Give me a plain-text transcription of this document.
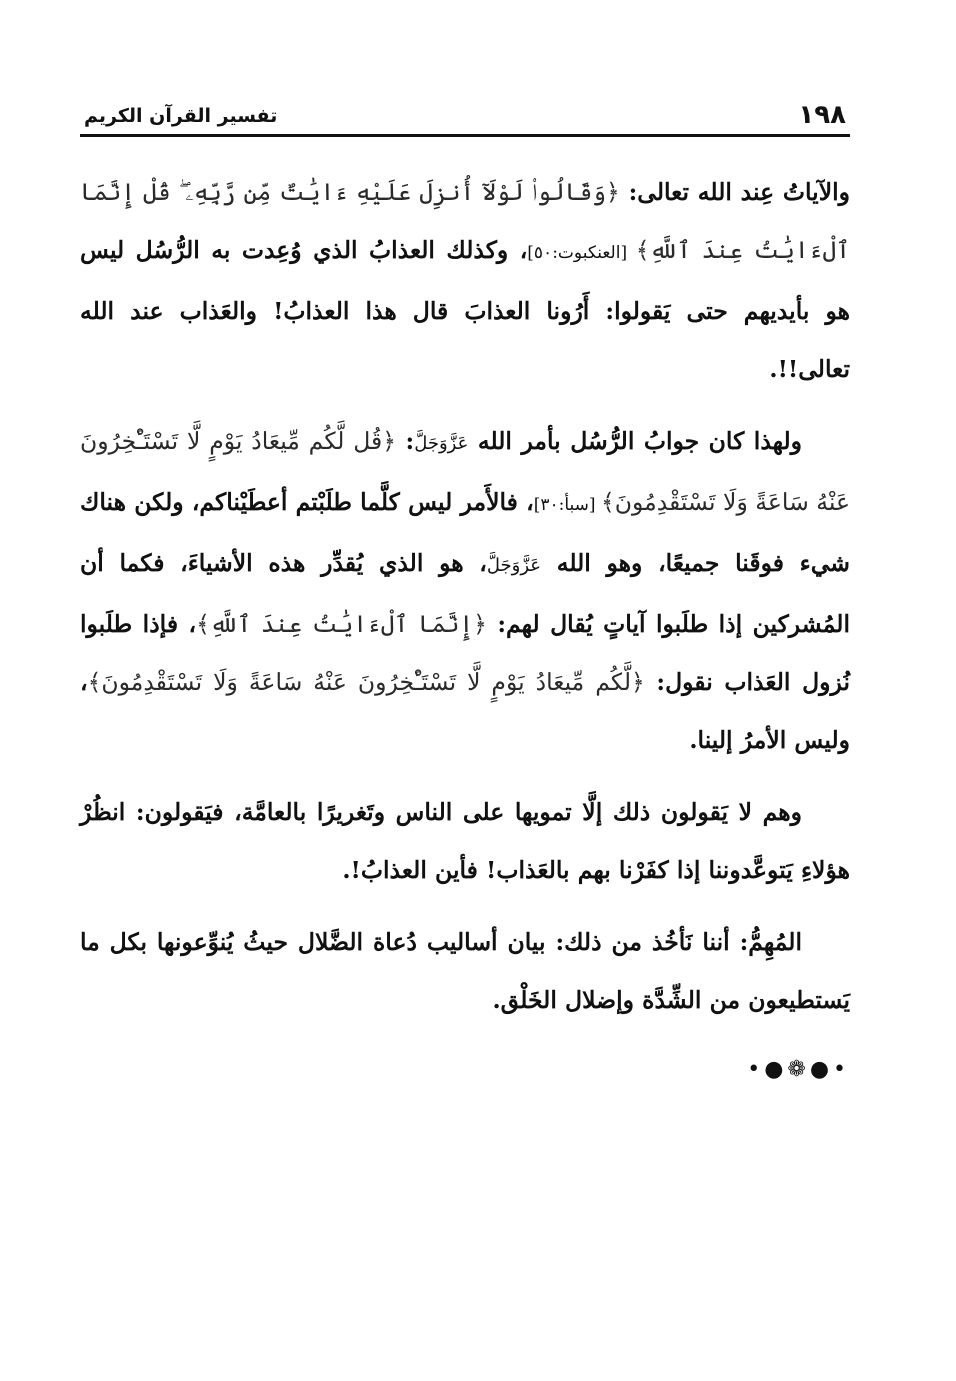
١٩٨
تفسير القرآن الكريم

والآياتُ عِند الله تعالى: ﴿وَقَالُوا۟ لَوْلَآ أُنزِلَ عَلَيْهِ ءَايَٰتٌ مِّن رَّبِّهِۦ ۖ قُلْ إِنَّمَا ٱلْءَايَٰتُ عِندَ ٱللَّهِ﴾ [العنكبوت:٥٠]، وكذلك العذابُ الذي وُعِدت به الرُّسُل ليس هو بأيديهم حتى يَقولوا: أَرُونا العذابَ قال هذا العذابُ! والعَذاب عند الله تعالى!!.

ولهذا كان جوابُ الرُّسُل بأمر الله عَزَّوَجَلَّ: ﴿قُل لَّكُم مِّيعَادُ يَوْمٍ لَّا تَسْتَـْٔخِرُونَ عَنْهُ سَاعَةً وَلَا تَسْتَقْدِمُونَ﴾ [سبأ:٣٠]، فالأَمر ليس كلَّما طلَبْتم أعطَيْناكم، ولكن هناك شيء فوقَنا جميعًا، وهو الله عَزَّوَجَلَّ، هو الذي يُقدِّر هذه الأشياءَ، فكما أن المُشركين إذا طلَبوا آياتٍ يُقال لهم: ﴿إِنَّمَا ٱلْءَايَٰتُ عِندَ ٱللَّهِ﴾، فإذا طلَبوا نُزول العَذاب نقول: ﴿لَّكُم مِّيعَادُ يَوْمٍ لَّا تَسْتَـْٔخِرُونَ عَنْهُ سَاعَةً وَلَا تَسْتَقْدِمُونَ﴾، وليس الأمرُ إلينا.

وهم لا يَقولون ذلك إلَّا تمويها على الناس وتَغريرًا بالعامَّة، فيَقولون: انظُرْ هؤلاءِ يَتوعَّدوننا إذا كفَرْنا بهم بالعَذاب! فأين العذابُ!.

المُهِمُّ: أننا نَأخُذ من ذلك: بيان أساليب دُعاة الضَّلال حيثُ يُنوِّعونها بكل ما يَستطيعون من الشِّدَّة وإضلال الخَلْق.

•●❁●•
